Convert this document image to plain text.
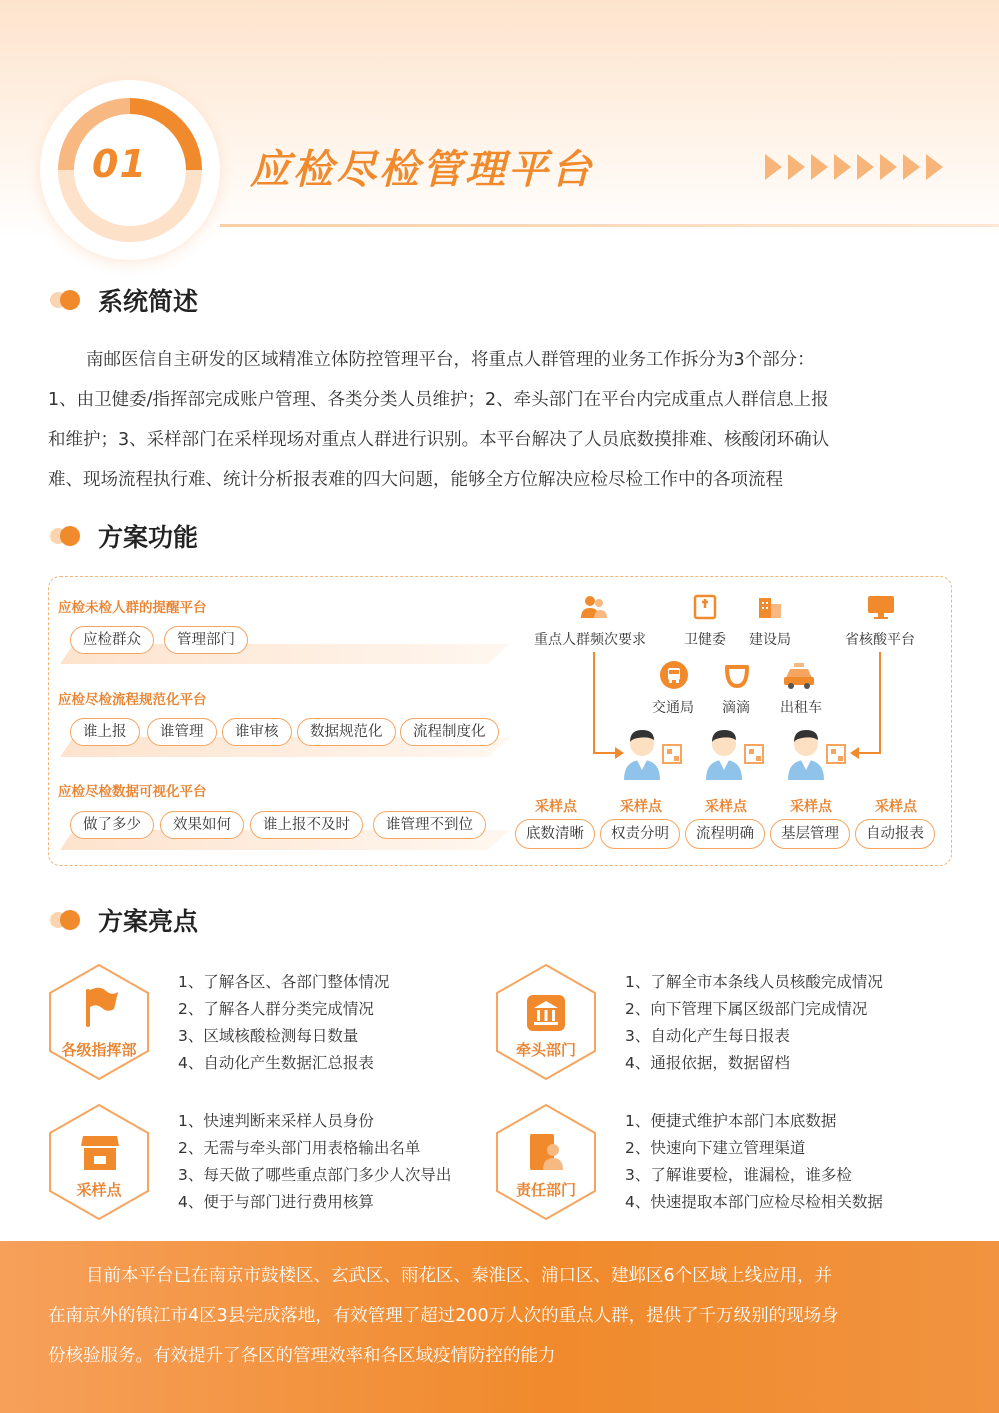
01	应检尽检管理平台
系统简述
南邮医信自主研发的区域精准立体防控管理平台，将重点人群管理的业务工作拆分为3个部分：
1、由卫健委/指挥部完成账户管理、各类分类人员维护；2、牵头部门在平台内完成重点人群信息上报
和维护；3、采样部门在采样现场对重点人群进行识别。本平台解决了人员底数摸排难、核酸闭环确认
难、现场流程执行难、统计分析报表难的四大问题，能够全方位解决应检尽检工作中的各项流程
方案功能
应检未检人群的提醒平台
应检群众	管理部门
应检尽检流程规范化平台
谁上报	谁管理	谁审核	数据规范化	流程制度化
应检尽检数据可视化平台
做了多少	效果如何	谁上报不及时	谁管理不到位
重点人群频次要求	卫健委 建设局	省核酸平台
交通局 滴滴 出租车
采样点	采样点	采样点	采样点	采样点
底数清晰	权责分明	流程明确	基层管理	自动报表
方案亮点
各级指挥部
1、了解各区、各部门整体情况
2、了解各人群分类完成情况
3、区域核酸检测每日数量
4、自动化产生数据汇总报表
牵头部门
1、了解全市本条线人员核酸完成情况
2、向下管理下属区级部门完成情况
3、自动化产生每日报表
4、通报依据，数据留档
采样点
1、快速判断来采样人员身份
2、无需与牵头部门用表格输出名单
3、每天做了哪些重点部门多少人次导出
4、便于与部门进行费用核算
责任部门
1、便捷式维护本部门本底数据
2、快速向下建立管理渠道
3、了解谁要检，谁漏检，谁多检
4、快速提取本部门应检尽检相关数据
目前本平台已在南京市鼓楼区、玄武区、雨花区、秦淮区、浦口区、建邺区6个区域上线应用，并
在南京外的镇江市4区3县完成落地，有效管理了超过200万人次的重点人群，提供了千万级别的现场身
份核验服务。有效提升了各区的管理效率和各区域疫情防控的能力
